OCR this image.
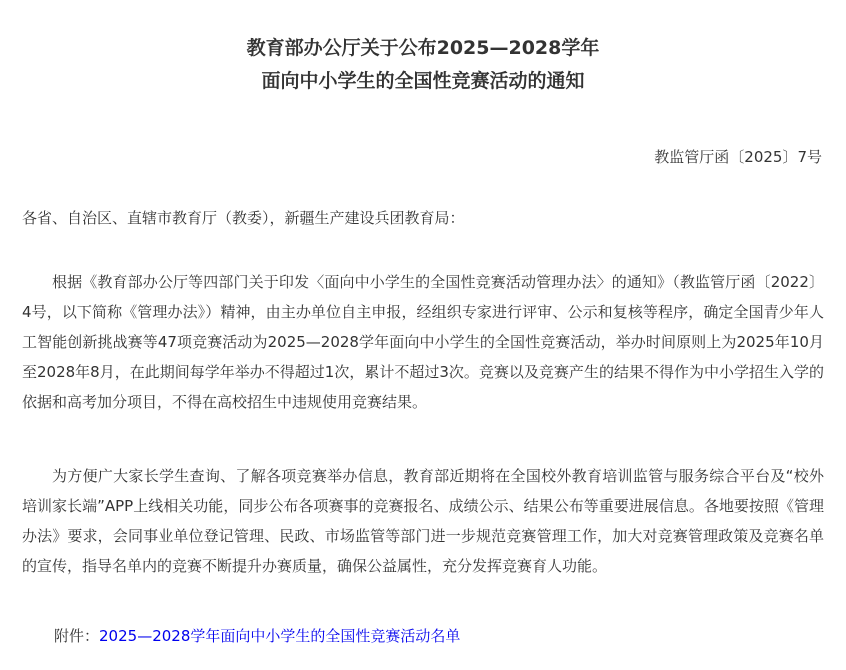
教育部办公厅关于公布2025—2028学年
面向中小学生的全国性竞赛活动的通知
教监管厅函〔2025〕7号
各省、自治区、直辖市教育厅（教委），新疆生产建设兵团教育局：
根据《教育部办公厅等四部门关于印发〈面向中小学生的全国性竞赛活动管理办法〉的通知》（教监管厅函〔2022〕4号，以下简称《管理办法》）精神，由主办单位自主申报，经组织专家进行评审、公示和复核等程序，确定全国青少年人工智能创新挑战赛等47项竞赛活动为2025—2028学年面向中小学生的全国性竞赛活动，举办时间原则上为2025年10月至2028年8月，在此期间每学年举办不得超过1次，累计不超过3次。竞赛以及竞赛产生的结果不得作为中小学招生入学的依据和高考加分项目，不得在高校招生中违规使用竞赛结果。
为方便广大家长学生查询、了解各项竞赛举办信息，教育部近期将在全国校外教育培训监管与服务综合平台及“校外培训家长端”APP上线相关功能，同步公布各项赛事的竞赛报名、成绩公示、结果公布等重要进展信息。各地要按照《管理办法》要求，会同事业单位登记管理、民政、市场监管等部门进一步规范竞赛管理工作，加大对竞赛管理政策及竞赛名单的宣传，指导名单内的竞赛不断提升办赛质量，确保公益属性，充分发挥竞赛育人功能。
附件：2025—2028学年面向中小学生的全国性竞赛活动名单
